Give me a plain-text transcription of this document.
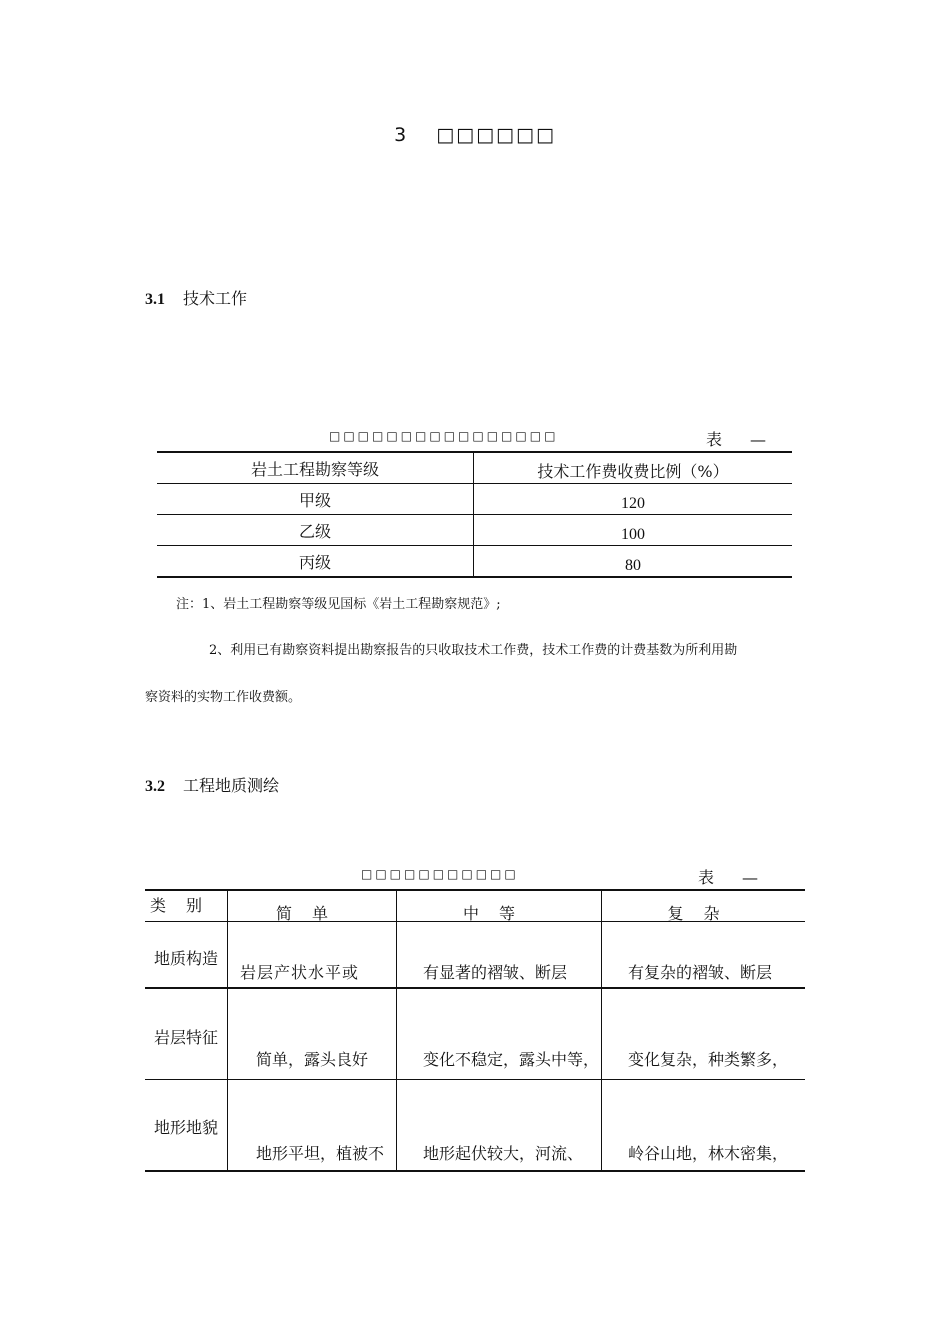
3 □□□□□□
3.1 技术工作
□□□□□□□□□□□□□□□□	表 —
岩土工程勘察等级	技术工作费收费比例（%）
甲级	120
乙级	100
丙级	80
注：1、岩土工程勘察等级见国标《岩土工程勘察规范》;
2、利用已有勘察资料提出勘察报告的只收取技术工作费，技术工作费的计费基数为所利用勘
察资料的实物工作收费额。
3.2 工程地质测绘
□□□□□□□□□□□	表 —
类别	简单	中等	复杂

地质构造	岩层产状水平或	有显著的褶皱、断层	有复杂的褶皱、断层

岩层特征	简单，露头良好	变化不稳定，露头中等，	变化复杂，种类繁多，

地形地貌	地形平坦，植被不	地形起伏较大，河流、	岭谷山地，林木密集，
